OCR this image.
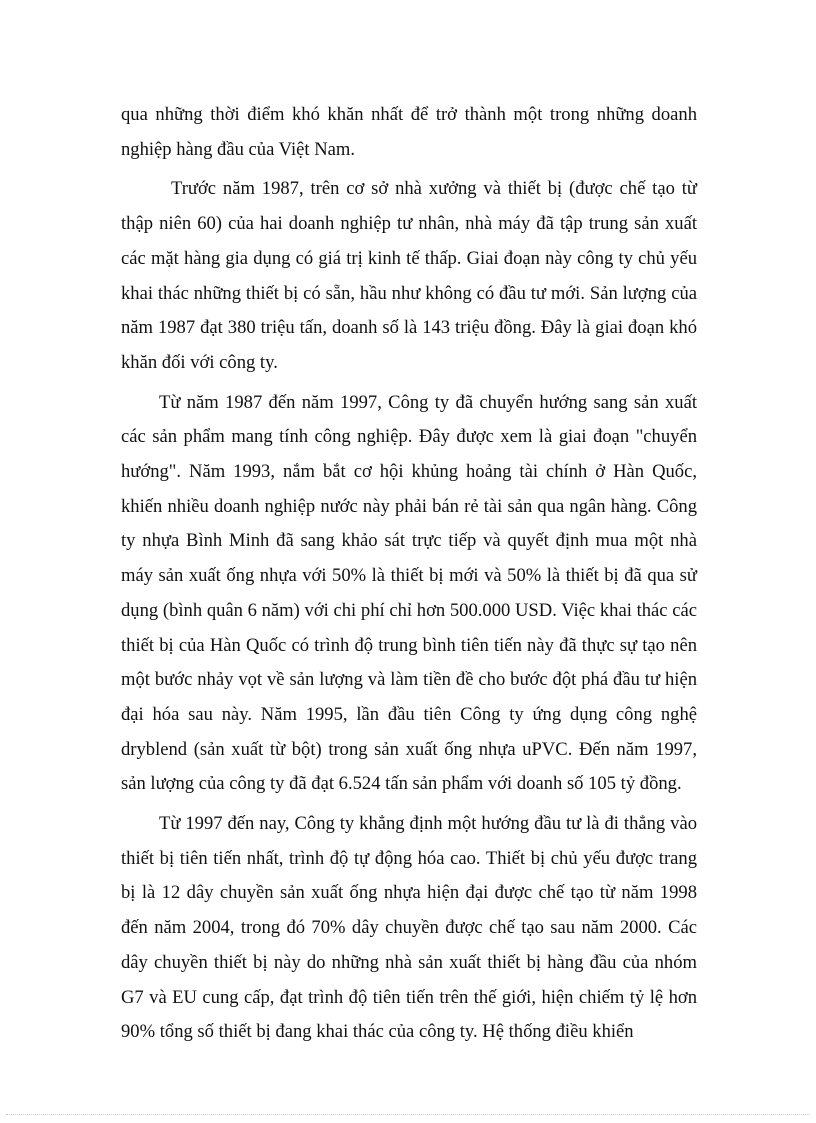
qua những thời điểm khó khăn nhất để trở thành một trong những doanh nghiệp hàng đầu của Việt Nam.

Trước năm 1987, trên cơ sở nhà xưởng và thiết bị (được chế tạo từ thập niên 60) của hai doanh nghiệp tư nhân, nhà máy đã tập trung sản xuất các mặt hàng gia dụng có giá trị kinh tế thấp. Giai đoạn này công ty chủ yếu khai thác những thiết bị có sẵn, hầu như không có đầu tư mới. Sản lượng của năm 1987 đạt 380 triệu tấn, doanh số là 143 triệu đồng. Đây là giai đoạn khó khăn đối với công ty.

Từ năm 1987 đến năm 1997, Công ty đã chuyển hướng sang sản xuất các sản phẩm mang tính công nghiệp. Đây được xem là giai đoạn "chuyển hướng". Năm 1993, nắm bắt cơ hội khủng hoảng tài chính ở Hàn Quốc, khiến nhiều doanh nghiệp nước này phải bán rẻ tài sản qua ngân hàng. Công ty nhựa Bình Minh đã sang khảo sát trực tiếp và quyết định mua một nhà máy sản xuất ống nhựa với 50% là thiết bị mới và 50% là thiết bị đã qua sử dụng (bình quân 6 năm) với chi phí chỉ hơn 500.000 USD. Việc khai thác các thiết bị của Hàn Quốc có trình độ trung bình tiên tiến này đã thực sự tạo nên một bước nhảy vọt về sản lượng và làm tiền đề cho bước đột phá đầu tư hiện đại hóa sau này. Năm 1995, lần đầu tiên Công ty ứng dụng công nghệ dryblend (sản xuất từ bột) trong sản xuất ống nhựa uPVC. Đến năm 1997, sản lượng của công ty đã đạt 6.524 tấn sản phẩm với doanh số 105 tỷ đồng.

Từ 1997 đến nay, Công ty khẳng định một hướng đầu tư là đi thẳng vào thiết bị tiên tiến nhất, trình độ tự động hóa cao. Thiết bị chủ yếu được trang bị là 12 dây chuyền sản xuất ống nhựa hiện đại được chế tạo từ năm 1998 đến năm 2004, trong đó 70% dây chuyền được chế tạo sau năm 2000. Các dây chuyền thiết bị này do những nhà sản xuất thiết bị hàng đầu của nhóm G7 và EU cung cấp, đạt trình độ tiên tiến trên thế giới, hiện chiếm tỷ lệ hơn 90% tổng số thiết bị đang khai thác của công ty. Hệ thống điều khiển
